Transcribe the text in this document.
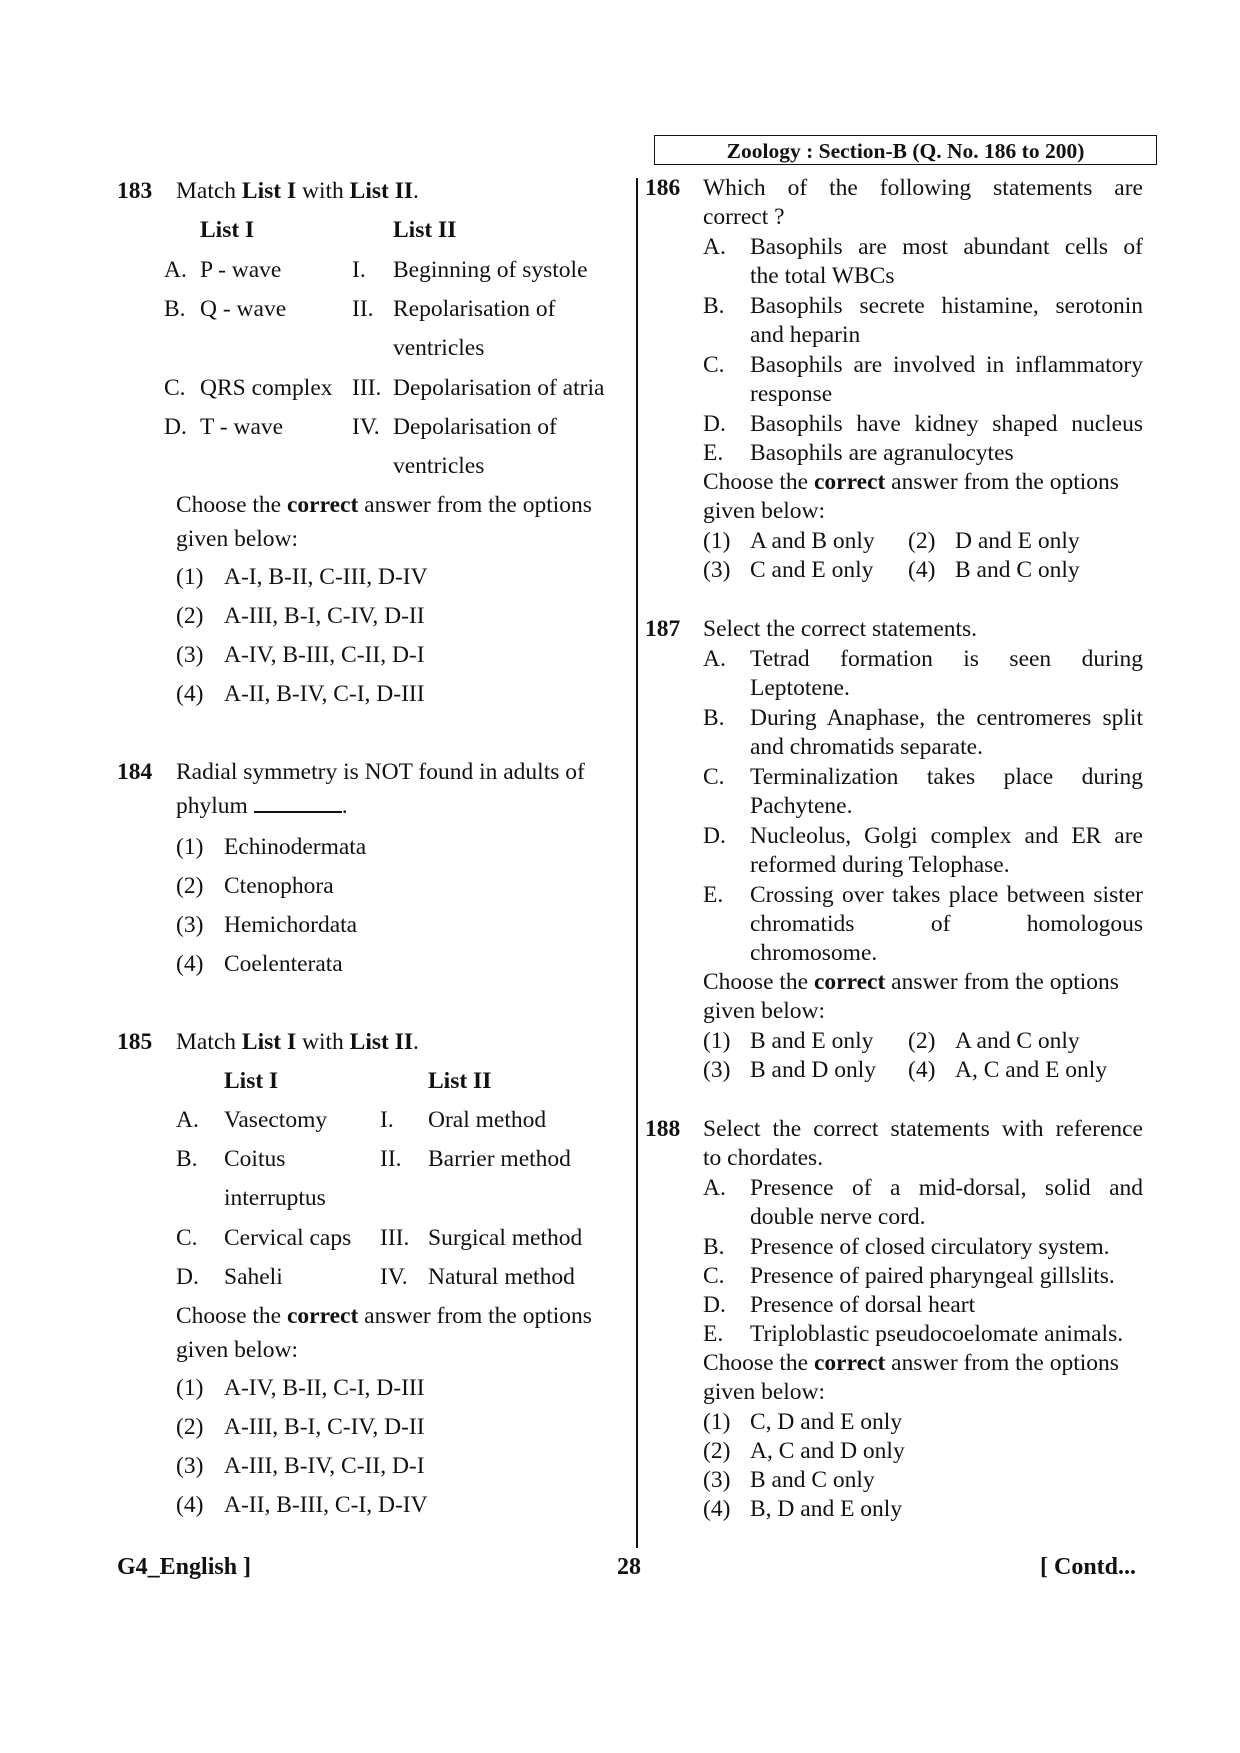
Zoology : Section-B (Q. No. 186 to 200)
183 Match List I with List II.
List I	List II
A. P - wave	I. Beginning of systole
B. Q - wave	II. Repolarisation of
ventricles
C. QRS complex III. Depolarisation of atria
D. T - wave	IV. Depolarisation of
ventricles
Choose the correct answer from the options
given below:
(1) A-I, B-II, C-III, D-IV
(2) A-III, B-I, C-IV, D-II
(3) A-IV, B-III, C-II, D-I
(4) A-II, B-IV, C-I, D-III
184 Radial symmetry is NOT found in adults of
phylum	.
(1) Echinodermata
(2) Ctenophora
(3) Hemichordata
(4) Coelenterata
185 Match List I with List II.
List I	List II
A. Vasectomy I. Oral method
B. Coitus
interruptus
II. Barrier method
C. Cervical caps III. Surgical method
D. Saheli	IV. Natural method
Choose the correct answer from the options
given below:
(1) A-IV, B-II, C-I, D-III
(2) A-III, B-I, C-IV, D-II
(3) A-III, B-IV, C-II, D-I
(4) A-II, B-III, C-I, D-IV
186 Which of the following statements are
correct ?
A. Basophils are most abundant cells of
the total WBCs
B. Basophils secrete histamine, serotonin
and heparin
C. Basophils are involved in inflammatory
response
D. Basophils have kidney shaped nucleus
E. Basophils are agranulocytes
Choose the correct answer from the options
given below:
(1) A and B only (2) D and E only
(3) C and E only (4) B and C only
187 Select the correct statements.
A. Tetrad formation is seen during
Leptotene.
B. During Anaphase, the centromeres split
and chromatids separate.
C. Terminalization takes place during
Pachytene.
D. Nucleolus, Golgi complex and ER are
reformed during Telophase.
E. Crossing over takes place between sister
chromatids of homologous
chromosome.
Choose the correct answer from the options
given below:
(1) B and E only (2) A and C only
(3) B and D only (4) A, C and E only
188 Select the correct statements with reference
to chordates.
A. Presence of a mid-dorsal, solid and
double nerve cord.
B. Presence of closed circulatory system.
C. Presence of paired pharyngeal gillslits.
D. Presence of dorsal heart
E. Triploblastic pseudocoelomate animals.
Choose the correct answer from the options
given below:
(1) C, D and E only
(2) A, C and D only
(3) B and C only
(4) B, D and E only
G4_English ]	28	[ Contd...
